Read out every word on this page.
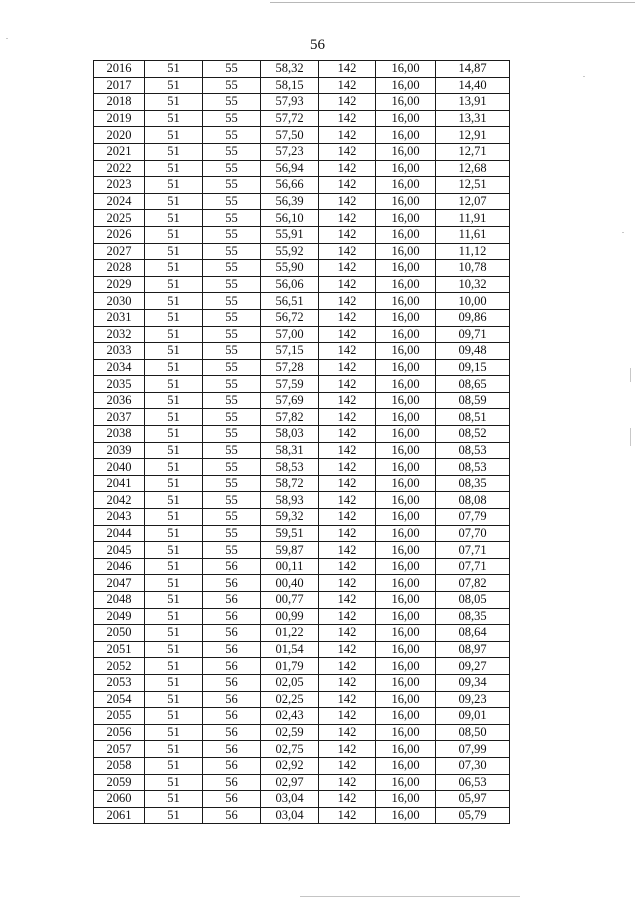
56
2016	51	55	58,32	142	16,00	14,87
2017	51	55	58,15	142	16,00	14,40
2018	51	55	57,93	142	16,00	13,91
2019	51	55	57,72	142	16,00	13,31
2020	51	55	57,50	142	16,00	12,91
2021	51	55	57,23	142	16,00	12,71
2022	51	55	56,94	142	16,00	12,68
2023	51	55	56,66	142	16,00	12,51
2024	51	55	56,39	142	16,00	12,07
2025	51	55	56,10	142	16,00	11,91
2026	51	55	55,91	142	16,00	11,61
2027	51	55	55,92	142	16,00	11,12
2028	51	55	55,90	142	16,00	10,78
2029	51	55	56,06	142	16,00	10,32
2030	51	55	56,51	142	16,00	10,00
2031	51	55	56,72	142	16,00	09,86
2032	51	55	57,00	142	16,00	09,71
2033	51	55	57,15	142	16,00	09,48
2034	51	55	57,28	142	16,00	09,15
2035	51	55	57,59	142	16,00	08,65
2036	51	55	57,69	142	16,00	08,59
2037	51	55	57,82	142	16,00	08,51
2038	51	55	58,03	142	16,00	08,52
2039	51	55	58,31	142	16,00	08,53
2040	51	55	58,53	142	16,00	08,53
2041	51	55	58,72	142	16,00	08,35
2042	51	55	58,93	142	16,00	08,08
2043	51	55	59,32	142	16,00	07,79
2044	51	55	59,51	142	16,00	07,70
2045	51	55	59,87	142	16,00	07,71
2046	51	56	00,11	142	16,00	07,71
2047	51	56	00,40	142	16,00	07,82
2048	51	56	00,77	142	16,00	08,05
2049	51	56	00,99	142	16,00	08,35
2050	51	56	01,22	142	16,00	08,64
2051	51	56	01,54	142	16,00	08,97
2052	51	56	01,79	142	16,00	09,27
2053	51	56	02,05	142	16,00	09,34
2054	51	56	02,25	142	16,00	09,23
2055	51	56	02,43	142	16,00	09,01
2056	51	56	02,59	142	16,00	08,50
2057	51	56	02,75	142	16,00	07,99
2058	51	56	02,92	142	16,00	07,30
2059	51	56	02,97	142	16,00	06,53
2060	51	56	03,04	142	16,00	05,97
2061	51	56	03,04	142	16,00	05,79
